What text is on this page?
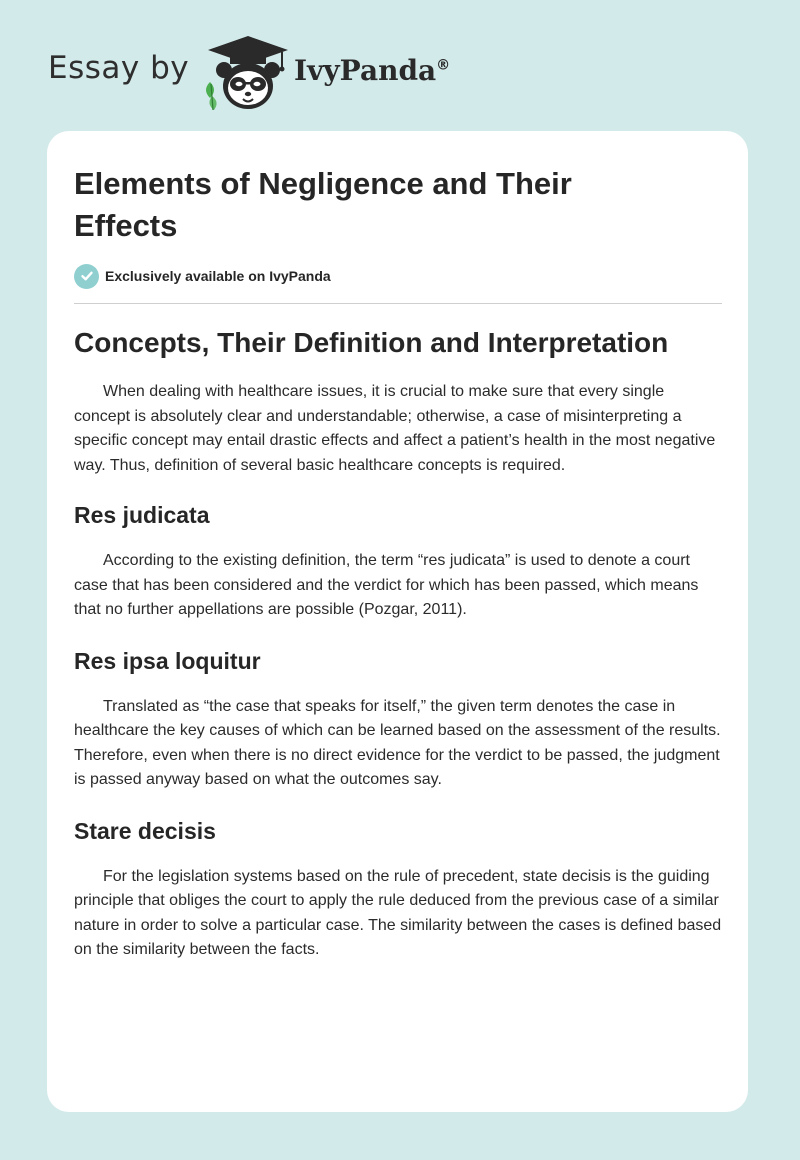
Essay by	IvyPanda®
Elements of Negligence and Their Effects
Exclusively available on IvyPanda
Concepts, Their Definition and Interpretation

When dealing with healthcare issues, it is crucial to make sure that every single concept is absolutely clear and understandable; otherwise, a case of misinterpreting a specific concept may entail drastic effects and affect a patient’s health in the most negative way. Thus, definition of several basic healthcare concepts is required.

Res judicata

According to the existing definition, the term “res judicata” is used to denote a court case that has been considered and the verdict for which has been passed, which means that no further appellations are possible (Pozgar, 2011).

Res ipsa loquitur

Translated as “the case that speaks for itself,” the given term denotes the case in healthcare the key causes of which can be learned based on the assessment of the results. Therefore, even when there is no direct evidence for the verdict to be passed, the judgment is passed anyway based on what the outcomes say.

Stare decisis

For the legislation systems based on the rule of precedent, state decisis is the guiding principle that obliges the court to apply the rule deduced from the previous case of a similar nature in order to solve a particular case. The similarity between the cases is defined based on the similarity between the facts.
